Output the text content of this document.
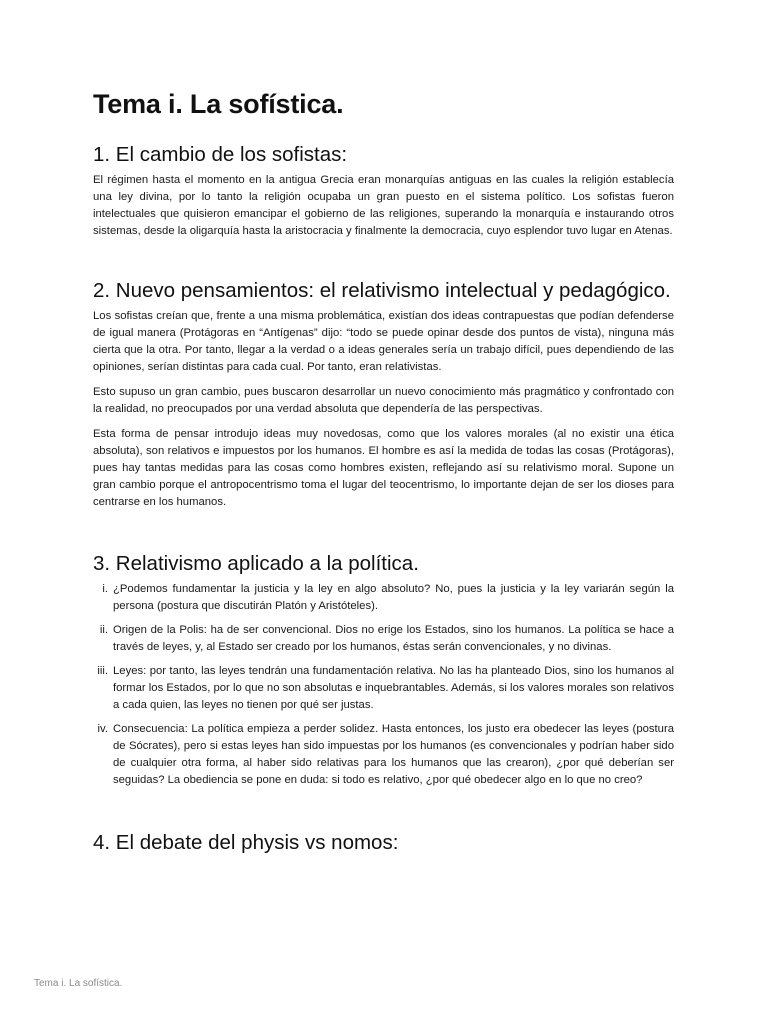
Tema i. La sofística.
1. El cambio de los sofistas:

El régimen hasta el momento en la antigua Grecia eran monarquías antiguas en las cuales la religión establecía una ley divina, por lo tanto la religión ocupaba un gran puesto en el sistema político. Los sofistas fueron intelectuales que quisieron emancipar el gobierno de las religiones, superando la monarquía e instaurando otros sistemas, desde la oligarquía hasta la aristocracia y finalmente la democracia, cuyo esplendor tuvo lugar en Atenas.

2. Nuevo pensamientos: el relativismo intelectual y pedagógico.

Los sofistas creían que, frente a una misma problemática, existían dos ideas contrapuestas que podían defenderse de igual manera (Protágoras en “Antígenas” dijo: “todo se puede opinar desde dos puntos de vista), ninguna más cierta que la otra. Por tanto, llegar a la verdad o a ideas generales sería un trabajo difícil, pues dependiendo de las opiniones, serían distintas para cada cual. Por tanto, eran relativistas.

Esto supuso un gran cambio, pues buscaron desarrollar un nuevo conocimiento más pragmático y confrontado con la realidad, no preocupados por una verdad absoluta que dependería de las perspectivas.

Esta forma de pensar introdujo ideas muy novedosas, como que los valores morales (al no existir una ética absoluta), son relativos e impuestos por los humanos. El hombre es así la medida de todas las cosas (Protágoras), pues hay tantas medidas para las cosas como hombres existen, reflejando así su relativismo moral. Supone un gran cambio porque el antropocentrismo toma el lugar del teocentrismo, lo importante dejan de ser los dioses para centrarse en los humanos.

3. Relativismo aplicado a la política.
i. ¿Podemos fundamentar la justicia y la ley en algo absoluto? No, pues la justicia y la ley variarán según la persona (postura que discutirán Platón y Aristóteles).
ii. Origen de la Polis: ha de ser convencional. Dios no erige los Estados, sino los humanos. La política se hace a través de leyes, y, al Estado ser creado por los humanos, éstas serán convencionales, y no divinas.
iii. Leyes: por tanto, las leyes tendrán una fundamentación relativa. No las ha planteado Dios, sino los humanos al formar los Estados, por lo que no son absolutas e inquebrantables. Además, si los valores morales son relativos a cada quien, las leyes no tienen por qué ser justas.
iv. Consecuencia: La política empieza a perder solidez. Hasta entonces, los justo era obedecer las leyes (postura de Sócrates), pero si estas leyes han sido impuestas por los humanos (es convencionales y podrían haber sido de cualquier otra forma, al haber sido relativas para los humanos que las crearon), ¿por qué deberían ser seguidas? La obediencia se pone en duda: si todo es relativo, ¿por qué obedecer algo en lo que no creo?
4. El debate del physis vs nomos:
Tema i. La sofística.
